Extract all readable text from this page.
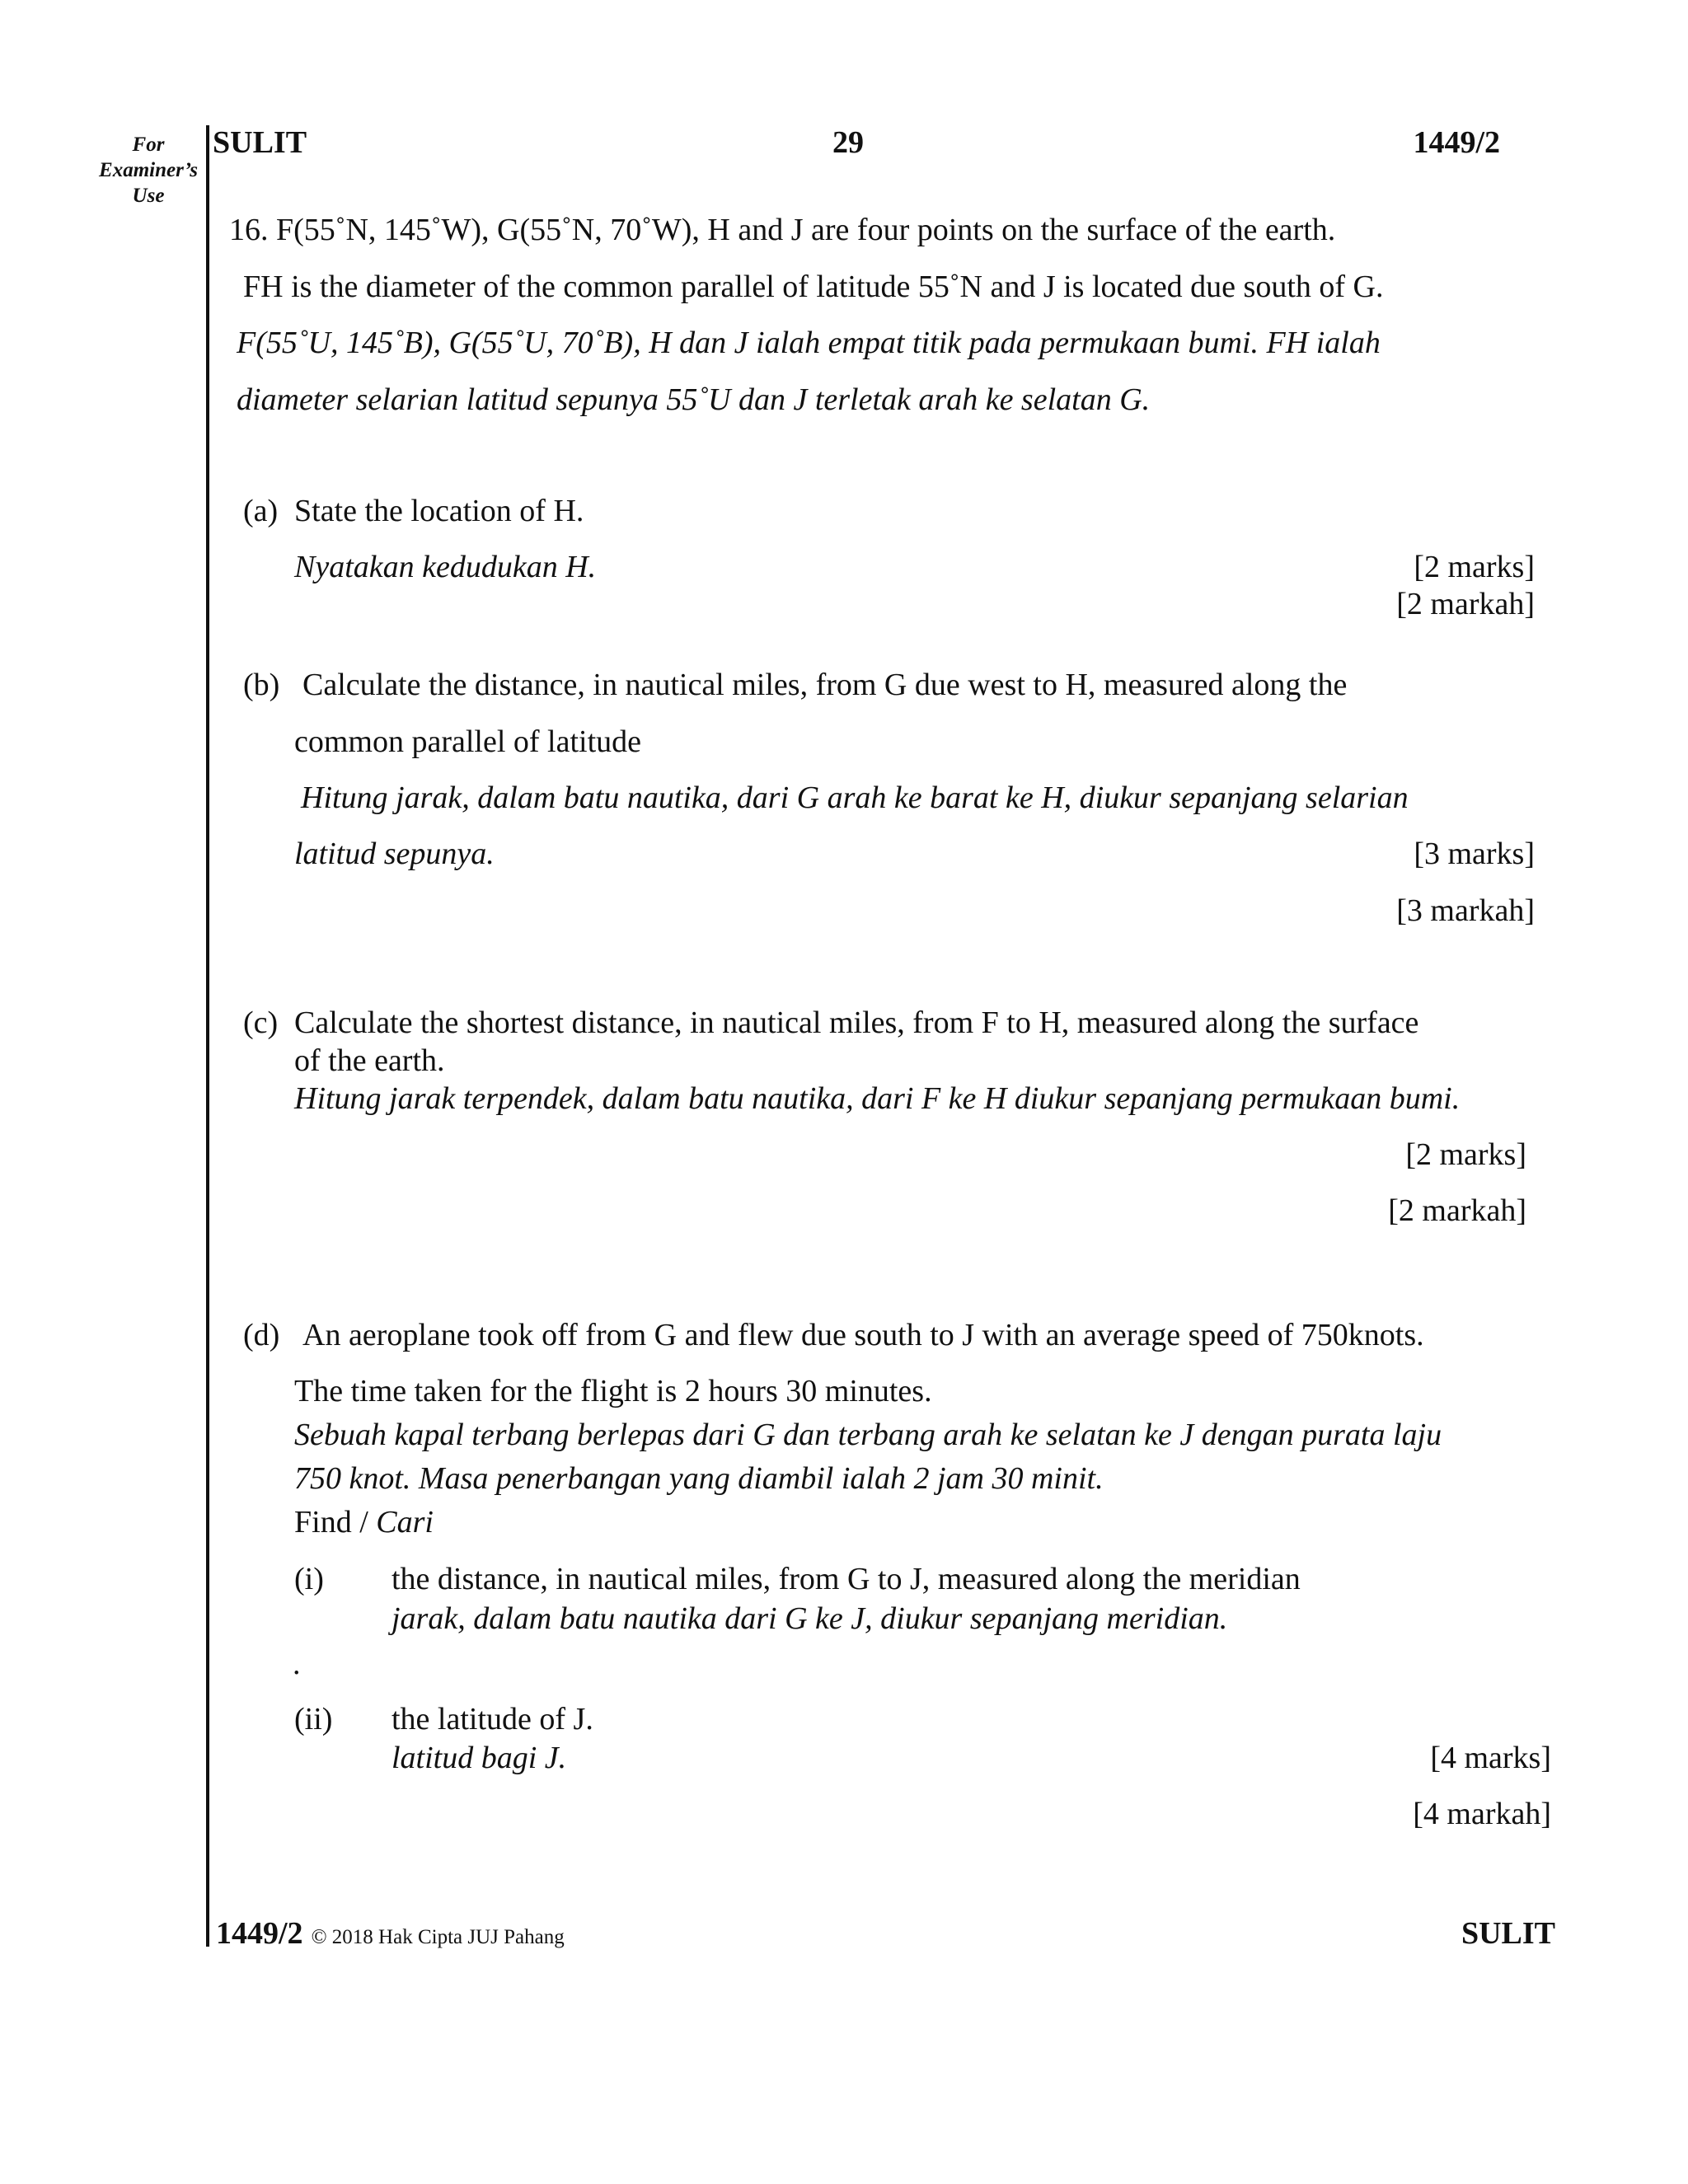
For
Examiner’s
Use
SULIT	29	1449/2
16. F(55˚N, 145˚W), G(55˚N, 70˚W), H and J are four points on the surface of the earth.
FH is the diameter of the common parallel of latitude 55˚N and J is located due south of G.
F(55˚U, 145˚B), G(55˚U, 70˚B), H dan J ialah empat titik pada permukaan bumi. FH ialah
diameter selarian latitud sepunya 55˚U dan J terletak arah ke selatan G.
(a) State the location of H.
Nyatakan kedudukan H.	[2 marks]
[2 markah]
(b) Calculate the distance, in nautical miles, from G due west to H, measured along the
common parallel of latitude
Hitung jarak, dalam batu nautika, dari G arah ke barat ke H, diukur sepanjang selarian
latitud sepunya.	[3 marks]
[3 markah]
(c) Calculate the shortest distance, in nautical miles, from F to H, measured along the surface
of the earth.
Hitung jarak terpendek, dalam batu nautika, dari F ke H diukur sepanjang permukaan bumi.
[2 marks]
[2 markah]
(d) An aeroplane took off from G and flew due south to J with an average speed of 750knots.
The time taken for the flight is 2 hours 30 minutes.
Sebuah kapal terbang berlepas dari G dan terbang arah ke selatan ke J dengan purata laju
750 knot. Masa penerbangan yang diambil ialah 2 jam 30 minit.
Find / Cari
(i) the distance, in nautical miles, from G to J, measured along the meridian
jarak, dalam batu nautika dari G ke J, diukur sepanjang meridian.
.
(ii) the latitude of J.
latitud bagi J.	[4 marks]
[4 markah]
1449/2 © 2018 Hak Cipta JUJ Pahang	SULIT
